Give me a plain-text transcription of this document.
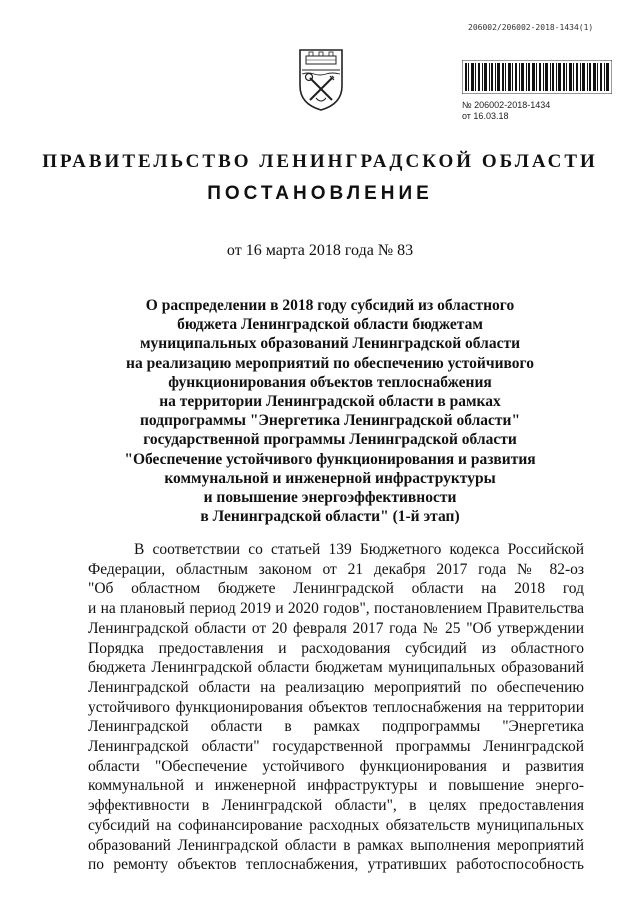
206002/206002-2018-1434(1)
№ 206002-2018-1434
от 16.03.18
ПРАВИТЕЛЬСТВО ЛЕНИНГРАДСКОЙ ОБЛАСТИ
ПОСТАНОВЛЕНИЕ
от 16 марта 2018 года № 83
О распределении в 2018 году субсидий из областного
бюджета Ленинградской области бюджетам
муниципальных образований Ленинградской области
на реализацию мероприятий по обеспечению устойчивого
функционирования объектов теплоснабжения
на территории Ленинградской области в рамках
подпрограммы "Энергетика Ленинградской области"
государственной программы Ленинградской области
"Обеспечение устойчивого функционирования и развития
коммунальной и инженерной инфраструктуры
и повышение энергоэффективности
в Ленинградской области" (1-й этап)
В соответствии со статьей 139 Бюджетного кодекса Российской
Федерации, областным законом от 21 декабря 2017 года № 82-оз
"Об областном бюджете Ленинградской области на 2018 год
и на плановый период 2019 и 2020 годов", постановлением Правительства
Ленинградской области от 20 февраля 2017 года № 25 "Об утверждении
Порядка предоставления и расходования субсидий из областного
бюджета Ленинградской области бюджетам муниципальных образований
Ленинградской области на реализацию мероприятий по обеспечению
устойчивого функционирования объектов теплоснабжения на территории
Ленинградской области в рамках подпрограммы "Энергетика
Ленинградской области" государственной программы Ленинградской
области "Обеспечение устойчивого функционирования и развития
коммунальной и инженерной инфраструктуры и повышение энерго-
эффективности в Ленинградской области", в целях предоставления
субсидий на софинансирование расходных обязательств муниципальных
образований Ленинградской области в рамках выполнения мероприятий
по ремонту объектов теплоснабжения, утративших работоспособность
